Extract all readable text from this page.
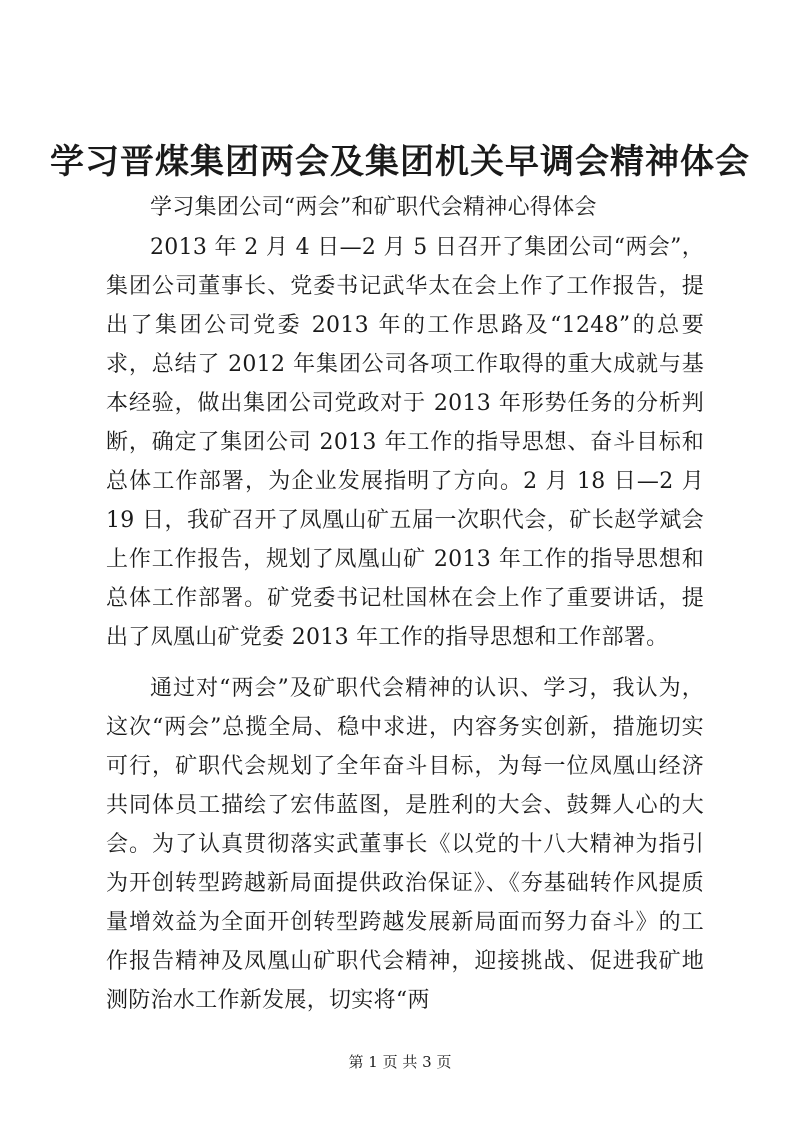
学习晋煤集团两会及集团机关早调会精神体会

学习集团公司“两会”和矿职代会精神心得体会

2013 年 2 月 4 日—2 月 5 日召开了集团公司“两会”，集团公司董事长、党委书记武华太在会上作了工作报告，提出了集团公司党委 2013 年的工作思路及“1248”的总要求，总结了 2012 年集团公司各项工作取得的重大成就与基本经验，做出集团公司党政对于 2013 年形势任务的分析判断，确定了集团公司 2013 年工作的指导思想、奋斗目标和总体工作部署，为企业发展指明了方向。2 月 18 日—2 月 19 日，我矿召开了凤凰山矿五届一次职代会，矿长赵学斌会上作工作报告，规划了凤凰山矿 2013 年工作的指导思想和总体工作部署。矿党委书记杜国林在会上作了重要讲话，提出了凤凰山矿党委 2013 年工作的指导思想和工作部署。

通过对“两会”及矿职代会精神的认识、学习，我认为，这次“两会”总揽全局、稳中求进，内容务实创新，措施切实可行，矿职代会规划了全年奋斗目标，为每一位凤凰山经济共同体员工描绘了宏伟蓝图，是胜利的大会、鼓舞人心的大会。为了认真贯彻落实武董事长《以党的十八大精神为指引为开创转型跨越新局面提供政治保证》、《夯基础转作风提质量增效益为全面开创转型跨越发展新局面而努力奋斗》的工作报告精神及凤凰山矿职代会精神，迎接挑战、促进我矿地测防治水工作新发展，切实将“两

第 1 页 共 3 页
